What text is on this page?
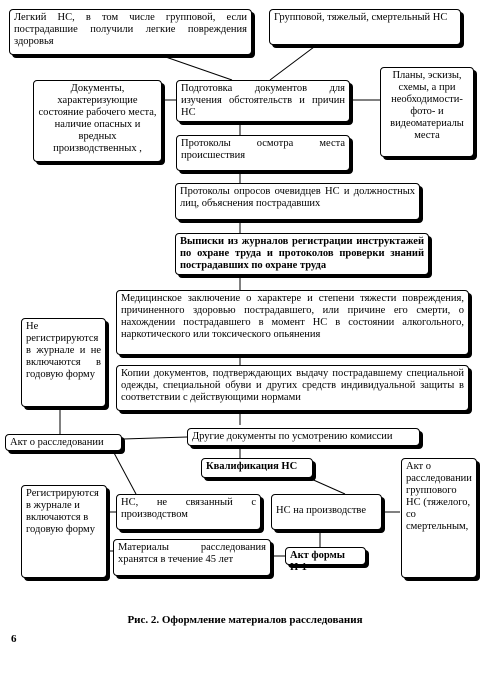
Легкий НС, в том числе групповой, если пострадавшие получили легкие повреждения здоровья
Групповой, тяжелый, смертельный НС
Документы, характеризующие состояние рабочего места, наличие опасных и вредных производственных ,
Подготовка документов для изучения обстоятельств и причин НС
Планы, эскизы, схемы, а при необходимости- фото- и видеоматериалы места
Протоколы осмотра места происшествия
Протоколы опросов очевидцев НС и должностных лиц, объяснения пострадавших
Выписки из журналов регистрации инструктажей по охране труда и протоколов проверки знаний пострадавших по охране труда
Медицинское заключение о характере и степени тяжести повреждения, причиненного здоровью пострадавшего, или причине его смерти, о нахождении пострадавшего в момент НС в состоянии алкогольного, наркотического или токсического опьянения
Не регистрируются в журнале и не включаются в годовую форму	Копии документов, подтверждающих выдачу пострадавшему специальной одежды, специальной обуви и других средств индивидуальной защиты в соответствии с действующими нормами
Акт о расследовании
Другие документы по усмотрению комиссии
Квалификация НС	Акт о расследовании группового НС (тяжелого, со смертельным,
Регистрируются в журнале и включаются в годовую форму
НС, не связанный с производством	НС на производстве
Материалы расследования хранятся в течение 45 лет	Акт формы Н-1
Рис. 2. Оформление материалов расследования
6
